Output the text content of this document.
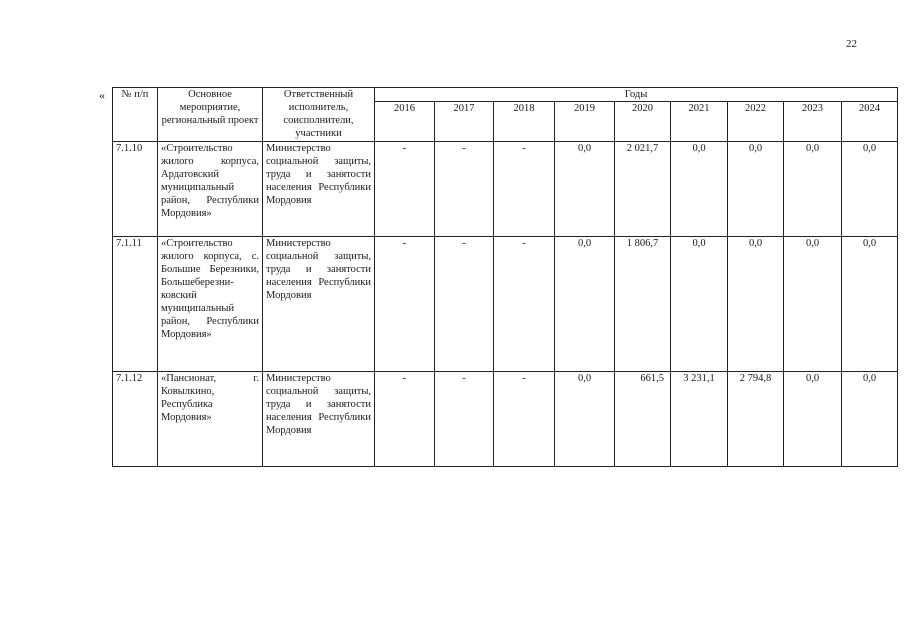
22
« № п/п	Основное мероприятие, региональный проект	Ответственный исполнитель, соисполнители, участники	Годы								
			2016	2017	2018	2019	2020	2021	2022	2023	2024
7.1.10	«Строительство жилого корпуса, Ардатовский муниципальный район, Республики Мордовия»	Министерство социальной защиты, труда и занятости населения Республики Мордовия	-	-	-	0,0	2 021,7	0,0	0,0	0,0	0,0
7.1.11	«Строительство жилого корпуса, с. Большие Березники, Большеберезни-ковский муниципальный район, Республики Мордовия»	Министерство социальной защиты, труда и занятости населения Республики Мордовия	-	-	-	0,0	1 806,7	0,0	0,0	0,0	0,0
7.1.12	«Пансионат, г. Ковылкино, Республика Мордовия»	Министерство социальной защиты, труда и занятости населения Республики Мордовия	-	-	-	0,0	661,5	3 231,1	2 794,8	0,0	0,0
